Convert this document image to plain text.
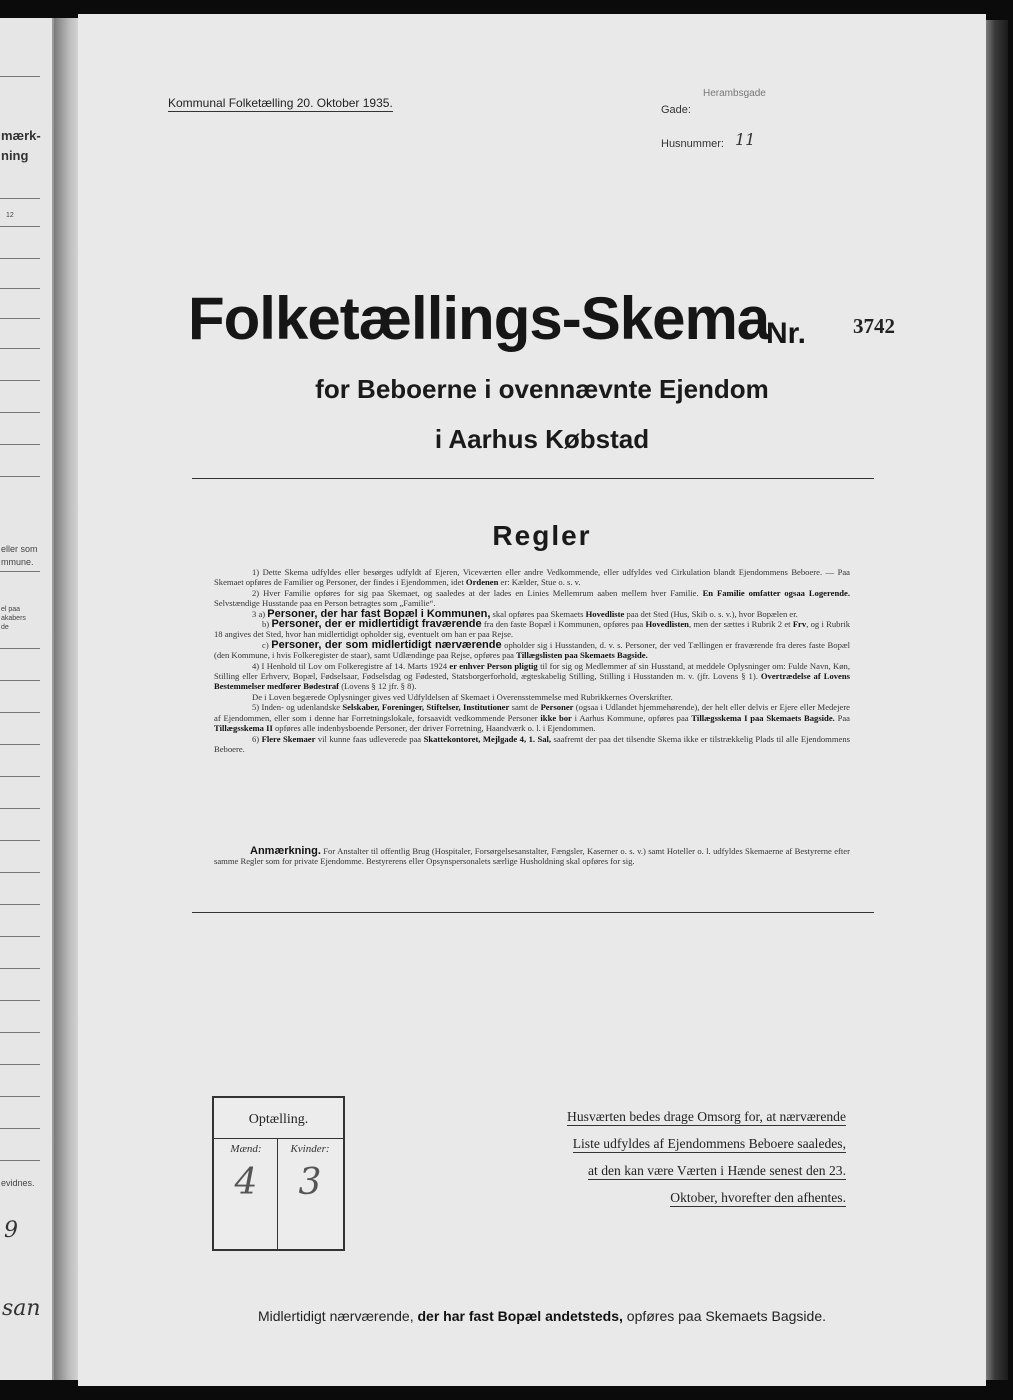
mærk-
ning
12
eller som
mmune.
el paa
akabers
de
evidnes.
9
san
Kommunal Folketælling 20. Oktober 1935.
Herambsgade
Gade:
Husnummer: 11
Folketællings-Skema
Nr. 3742
for Beboerne i ovennævnte Ejendom
i Aarhus Købstad
Regler

1) Dette Skema udfyldes eller besørges udfyldt af Ejeren, Viceværten eller andre Vedkommende, eller udfyldes ved Cirkulation blandt Ejendommens Beboere. — Paa Skemaet opføres de Familier og Personer, der findes i Ejendommen, idet Ordenen er: Kælder, Stue o. s. v.

2) Hver Familie opføres for sig paa Skemaet, og saaledes at der lades en Linies Mellemrum aaben mellem hver Familie. En Familie omfatter ogsaa Logerende. Selvstændige Husstande paa en Person betragtes som „Familie“.

3 a) Personer, der har fast Bopæl i Kommunen, skal opføres paa Skemaets Hovedliste paa det Sted (Hus, Skib o. s. v.), hvor Bopælen er.

b) Personer, der er midlertidigt fraværende fra den faste Bopæl i Kommunen, opføres paa Hovedlisten, men der sættes i Rubrik 2 et Frv, og i Rubrik 18 angives det Sted, hvor han midlertidigt opholder sig, eventuelt om han er paa Rejse.

c) Personer, der som midlertidigt nærværende opholder sig i Husstanden, d. v. s. Personer, der ved Tællingen er fraværende fra deres faste Bopæl (den Kommune, i hvis Folkeregister de staar), samt Udlændinge paa Rejse, opføres paa Tillægslisten paa Skemaets Bagside.

4) I Henhold til Lov om Folkeregistre af 14. Marts 1924 er enhver Person pligtig til for sig og Medlemmer af sin Husstand, at meddele Oplysninger om: Fulde Navn, Køn, Stilling eller Erhverv, Bopæl, Fødselsaar, Fødselsdag og Fødested, Statsborgerforhold, ægteskabelig Stilling, Stilling i Husstanden m. v. (jfr. Lovens § 1). Overtrædelse af Lovens Bestemmelser medfører Bødestraf (Lovens § 12 jfr. § 8).

De i Loven begærede Oplysninger gives ved Udfyldelsen af Skemaet i Overensstemmelse med Rubrikkernes Overskrifter.

5) Inden- og udenlandske Selskaber, Foreninger, Stiftelser, Institutioner samt de Personer (ogsaa i Udlandet hjemmehørende), der helt eller delvis er Ejere eller Medejere af Ejendommen, eller som i denne har Forretningslokale, forsaavidt vedkommende Personer ikke bor i Aarhus Kommune, opføres paa Tillægsskema I paa Skemaets Bagside. Paa Tillægsskema II opføres alle indenbysboende Personer, der driver Forretning, Haandværk o. l. i Ejendommen.

6) Flere Skemaer vil kunne faas udleverede paa Skattekontoret, Mejlgade 4, 1. Sal, saafremt der paa det tilsendte Skema ikke er tilstrækkelig Plads til alle Ejendommens Beboere.

Anmærkning. For Anstalter til offentlig Brug (Hospitaler, Forsørgelsesanstalter, Fængsler, Kaserner o. s. v.) samt Hoteller o. l. udfyldes Skemaerne af Bestyrerne efter samme Regler som for private Ejendomme. Bestyrerens eller Opsynspersonalets særlige Husholdning skal opføres for sig.

Optælling.
Mænd:	Kvinder:
4	3
Husværten bedes drage Omsorg for, at nærværende
Liste udfyldes af Ejendommens Beboere saaledes,
at den kan være Værten i Hænde senest den 23.
Oktober, hvorefter den afhentes.
Midlertidigt nærværende, der har fast Bopæl andetsteds, opføres paa Skemaets Bagside.
